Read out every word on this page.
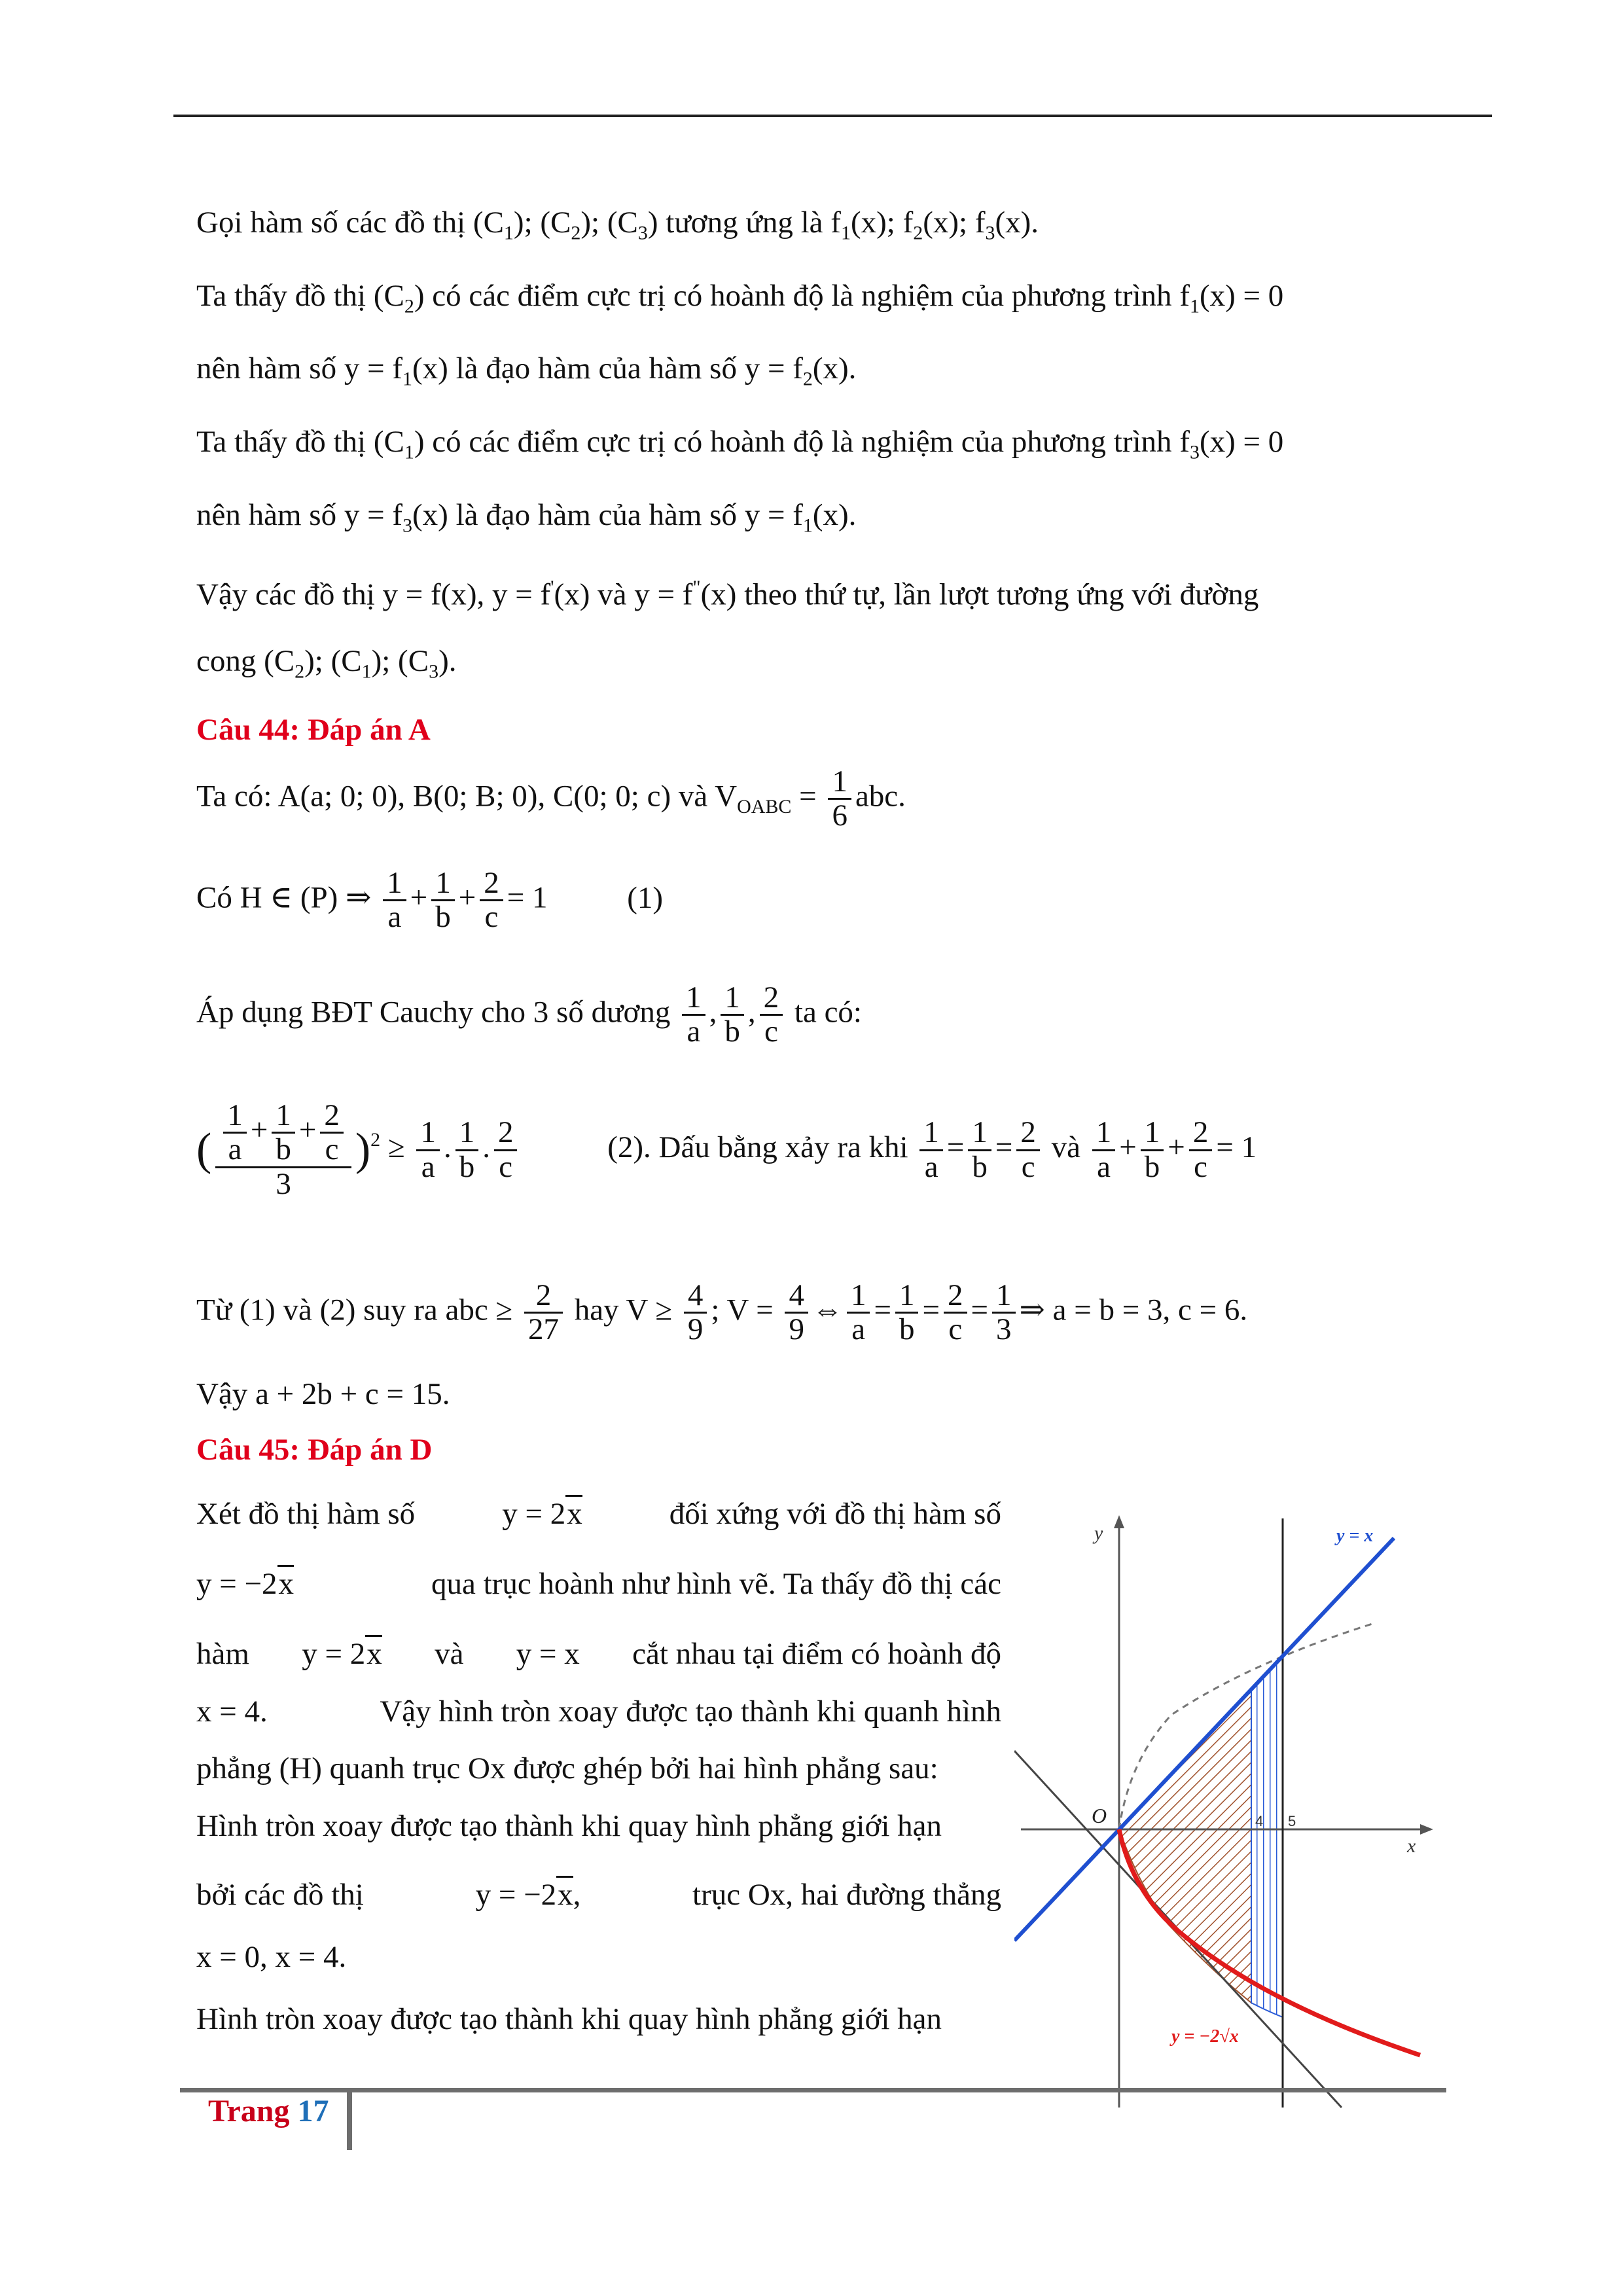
Gọi hàm số các đồ thị $(C_1)$; $(C_2)$; $(C_3)$ tương ứng là $f_1(x)$; $f_2(x)$; $f_3(x)$.
Ta thấy đồ thị $(C_2)$ có các điểm cực trị có hoành độ là nghiệm của phương trình $f_1(x) = 0$
nên hàm số $y = f_1(x)$ là đạo hàm của hàm số $y = f_2(x)$.
Ta thấy đồ thị $(C_1)$ có các điểm cực trị có hoành độ là nghiệm của phương trình $f_3(x) = 0$
nên hàm số $y = f_3(x)$ là đạo hàm của hàm số $y = f_1(x)$.
Vậy các đồ thị y = f(x), y = f'(x) và y = f"(x) theo thứ tự, lần lượt tương ứng với đường
cong $(C_2)$; $(C_1)$; $(C_3)$.
Câu 44: Đáp án A
Ta có: A(a; 0; 0), B(0; B; 0), C(0; 0; c) và $V_{OABC} = \frac{1}{6}$ abc.
Có H ∈ (P) ⇒ $\frac{1}{a} + \frac{1}{b} + \frac{2}{c} = 1$ (1)
Áp dụng BĐT Cauchy cho 3 số dương $\frac{1}{a}$ , $\frac{1}{b}$ , $\frac{2}{c}$ ta có:
( $\frac{\frac{1}{a} + \frac{1}{b} + \frac{2}{c}}{3} )^2 \ge \frac{1}{a}$ . $\frac{1}{b}$ . $\frac{2}{c}$	(2). Dấu bằng xảy ra khi $\frac{1}{a} = \frac{1}{b} = \frac{2}{c}$ và $\frac{1}{a} + \frac{1}{b} + \frac{2}{c} = 1$
Từ (1) và (2) suy ra abc ≥ $\frac{2}{27}$ hay $V \ge \frac{4}{9}$ ; $V = \frac{4}{9}$ ⇔ $\frac{1}{a} = \frac{1}{b} = \frac{2}{c} = \frac{1}{3}$ ⇒ a = b = 3, c = 6.
Vậy a + 2b + c = 15.
Câu 45: Đáp án D
Xét đồ thị hàm số	y = 2x	đối xứng với đồ thị hàm số
y = −2x	qua trục hoành như hình vẽ. Ta thấy đồ thị các
hàm y = 2x và y = x cắt nhau tại điểm có hoành độ
x = 4.	Vậy hình tròn xoay được tạo thành khi quanh hình
phẳng (H) quanh trục Ox được ghép bởi hai hình phẳng sau:
Hình tròn xoay được tạo thành khi quay hình phẳng giới hạn
bởi các đồ thị	y = −2x,	trục Ox, hai đường thẳng
x = 0, x = 4.
Hình tròn xoay được tạo thành khi quay hình phẳng giới hạn
y
x
O	4 5
y = x
y = −2√x
Trang 17
